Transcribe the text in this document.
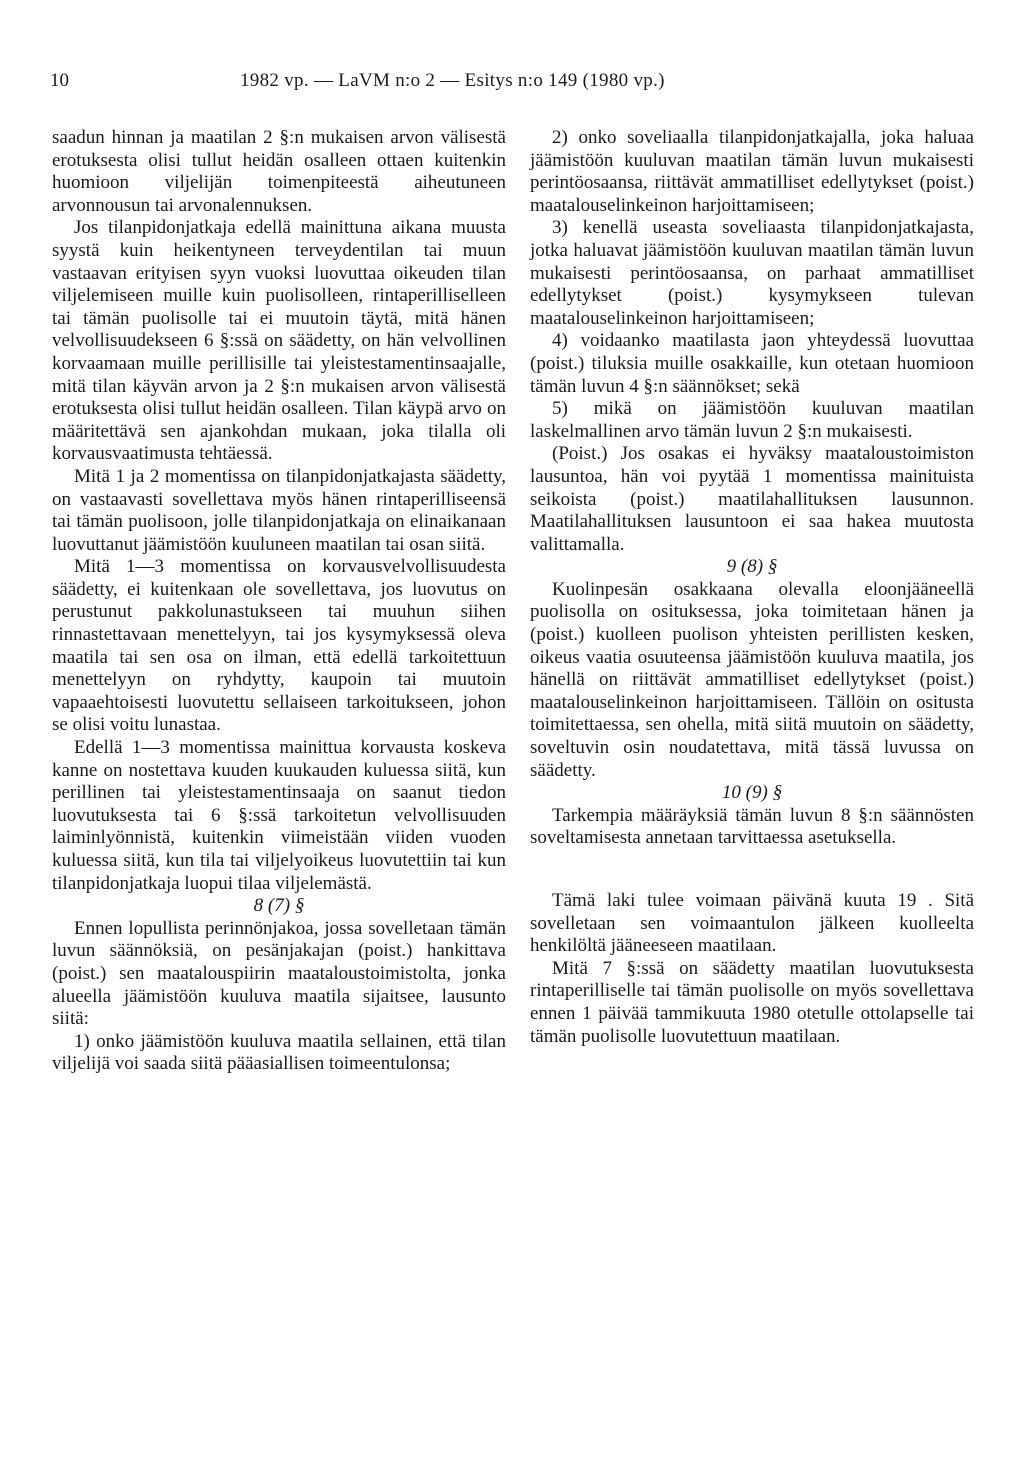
10	1982 vp. — LaVM n:o 2 — Esitys n:o 149 (1980 vp.)

saadun hinnan ja maatilan 2 §:n mukaisen arvon välisestä erotuksesta olisi tullut heidän osalleen ottaen kuitenkin huomioon viljelijän toimenpiteestä aiheutuneen arvonnousun tai arvonalennuksen.

Jos tilanpidonjatkaja edellä mainittuna aikana muusta syystä kuin heikentyneen terveydentilan tai muun vastaavan erityisen syyn vuoksi luovuttaa oikeuden tilan viljelemiseen muille kuin puolisolleen, rintaperilliselleen tai tämän puolisolle tai ei muutoin täytä, mitä hänen velvollisuudekseen 6 §:ssä on säädetty, on hän velvollinen korvaamaan muille perillisille tai yleistestamentinsaajalle, mitä tilan käyvän arvon ja 2 §:n mukaisen arvon välisestä erotuksesta olisi tullut heidän osalleen. Tilan käypä arvo on määritettävä sen ajankohdan mukaan, joka tilalla oli korvausvaatimusta tehtäessä.

Mitä 1 ja 2 momentissa on tilanpidonjatkajasta säädetty, on vastaavasti sovellettava myös hänen rintaperilliseensä tai tämän puolisoon, jolle tilanpidonjatkaja on elinaikanaan luovuttanut jäämistöön kuuluneen maatilan tai osan siitä.

Mitä 1—3 momentissa on korvausvelvollisuudesta säädetty, ei kuitenkaan ole sovellettava, jos luovutus on perustunut pakkolunastukseen tai muuhun siihen rinnastettavaan menettelyyn, tai jos kysymyksessä oleva maatila tai sen osa on ilman, että edellä tarkoitettuun menettelyyn on ryhdytty, kaupoin tai muutoin vapaaehtoisesti luovutettu sellaiseen tarkoitukseen, johon se olisi voitu lunastaa.

Edellä 1—3 momentissa mainittua korvausta koskeva kanne on nostettava kuuden kuukauden kuluessa siitä, kun perillinen tai yleistestamentinsaaja on saanut tiedon luovutuksesta tai 6 §:ssä tarkoitetun velvollisuuden laiminlyönnistä, kuitenkin viimeistään viiden vuoden kuluessa siitä, kun tila tai viljelyoikeus luovutettiin tai kun tilanpidonjatkaja luopui tilaa viljelemästä.

8 (7) §

Ennen lopullista perinnönjakoa, jossa sovelletaan tämän luvun säännöksiä, on pesänjakajan (poist.) hankittava (poist.) sen maatalouspiirin maataloustoimistolta, jonka alueella jäämistöön kuuluva maatila sijaitsee, lausunto siitä:

1) onko jäämistöön kuuluva maatila sellainen, että tilan viljelijä voi saada siitä pääasiallisen toimeentulonsa;

2) onko soveliaalla tilanpidonjatkajalla, joka haluaa jäämistöön kuuluvan maatilan tämän luvun mukaisesti perintöosaansa, riittävät ammatilliset edellytykset (poist.) maatalouselinkeinon harjoittamiseen;

3) kenellä useasta soveliaasta tilanpidonjatkajasta, jotka haluavat jäämistöön kuuluvan maatilan tämän luvun mukaisesti perintöosaansa, on parhaat ammatilliset edellytykset (poist.) kysymykseen tulevan maatalouselinkeinon harjoittamiseen;

4) voidaanko maatilasta jaon yhteydessä luovuttaa (poist.) tiluksia muille osakkaille, kun otetaan huomioon tämän luvun 4 §:n säännökset; sekä

5) mikä on jäämistöön kuuluvan maatilan laskelmallinen arvo tämän luvun 2 §:n mukaisesti.

(Poist.) Jos osakas ei hyväksy maataloustoimiston lausuntoa, hän voi pyytää 1 momentissa mainituista seikoista (poist.) maatilahallituksen lausunnon. Maatilahallituksen lausuntoon ei saa hakea muutosta valittamalla.

9 (8) §

Kuolinpesän osakkaana olevalla eloonjääneellä puolisolla on osituksessa, joka toimitetaan hänen ja (poist.) kuolleen puolison yhteisten perillisten kesken, oikeus vaatia osuuteensa jäämistöön kuuluva maatila, jos hänellä on riittävät ammatilliset edellytykset (poist.) maatalouselinkeinon harjoittamiseen. Tällöin on ositusta toimitettaessa, sen ohella, mitä siitä muutoin on säädetty, soveltuvin osin noudatettava, mitä tässä luvussa on säädetty.

10 (9) §

Tarkempia määräyksiä tämän luvun 8 §:n säännösten soveltamisesta annetaan tarvittaessa asetuksella.

Tämä laki tulee voimaan päivänä kuuta 19 . Sitä sovelletaan sen voimaantulon jälkeen kuolleelta henkilöltä jääneeseen maatilaan.

Mitä 7 §:ssä on säädetty maatilan luovutuksesta rintaperilliselle tai tämän puolisolle on myös sovellettava ennen 1 päivää tammikuuta 1980 otetulle ottolapselle tai tämän puolisolle luovutettuun maatilaan.
